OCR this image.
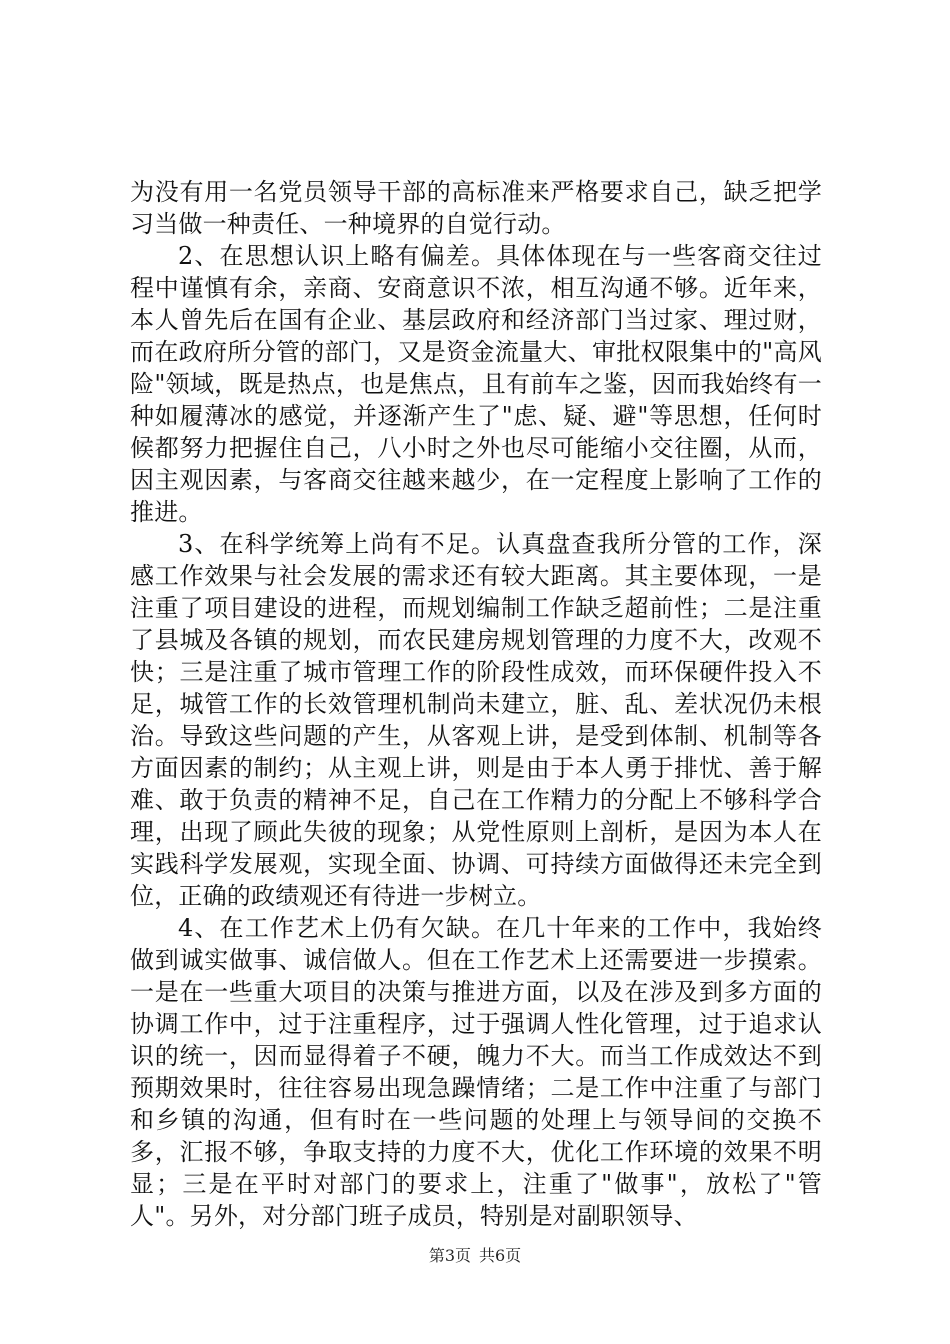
为没有用一名党员领导干部的高标准来严格要求自己，缺乏把学习当做一种责任、一种境界的自觉行动。

2、在思想认识上略有偏差。具体体现在与一些客商交往过程中谨慎有余，亲商、安商意识不浓，相互沟通不够。近年来，本人曾先后在国有企业、基层政府和经济部门当过家、理过财，而在政府所分管的部门，又是资金流量大、审批权限集中的"高风险"领域，既是热点，也是焦点，且有前车之鉴，因而我始终有一种如履薄冰的感觉，并逐渐产生了"虑、疑、避"等思想，任何时候都努力把握住自己，八小时之外也尽可能缩小交往圈，从而，因主观因素，与客商交往越来越少，在一定程度上影响了工作的推进。

3、在科学统筹上尚有不足。认真盘查我所分管的工作，深感工作效果与社会发展的需求还有较大距离。其主要体现，一是注重了项目建设的进程，而规划编制工作缺乏超前性；二是注重了县城及各镇的规划，而农民建房规划管理的力度不大，改观不快；三是注重了城市管理工作的阶段性成效，而环保硬件投入不足，城管工作的长效管理机制尚未建立，脏、乱、差状况仍未根治。导致这些问题的产生，从客观上讲，是受到体制、机制等各方面因素的制约；从主观上讲，则是由于本人勇于排忧、善于解难、敢于负责的精神不足，自己在工作精力的分配上不够科学合理，出现了顾此失彼的现象；从党性原则上剖析，是因为本人在实践科学发展观，实现全面、协调、可持续方面做得还未完全到位，正确的政绩观还有待进一步树立。

4、在工作艺术上仍有欠缺。在几十年来的工作中，我始终做到诚实做事、诚信做人。但在工作艺术上还需要进一步摸索。一是在一些重大项目的决策与推进方面，以及在涉及到多方面的协调工作中，过于注重程序，过于强调人性化管理，过于追求认识的统一，因而显得着子不硬，魄力不大。而当工作成效达不到预期效果时，往往容易出现急躁情绪；二是工作中注重了与部门和乡镇的沟通，但有时在一些问题的处理上与领导间的交换不多，汇报不够，争取支持的力度不大，优化工作环境的效果不明显；三是在平时对部门的要求上，注重了"做事"，放松了"管人"。另外，对分部门班子成员，特别是对副职领导、

第3页 共6页
